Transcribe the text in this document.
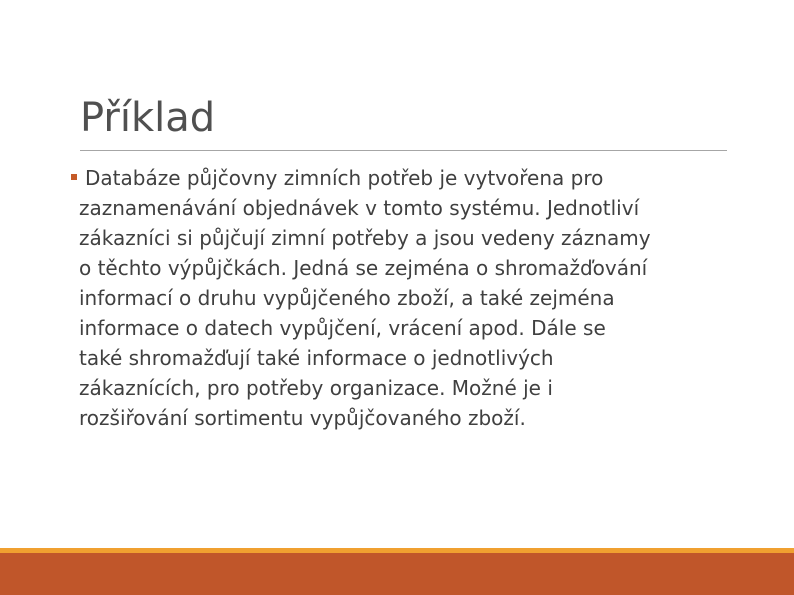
Příklad
Databáze půjčovny zimních potřeb je vytvořena pro
zaznamenávání objednávek v tomto systému. Jednotliví
zákazníci si půjčují zimní potřeby a jsou vedeny záznamy
o těchto výpůjčkách. Jedná se zejména o shromažďování
informací o druhu vypůjčeného zboží, a také zejména
informace o datech vypůjčení, vrácení apod. Dále se
také shromažďují také informace o jednotlivých
zákaznících, pro potřeby organizace. Možné je i
rozšiřování sortimentu vypůjčovaného zboží.
